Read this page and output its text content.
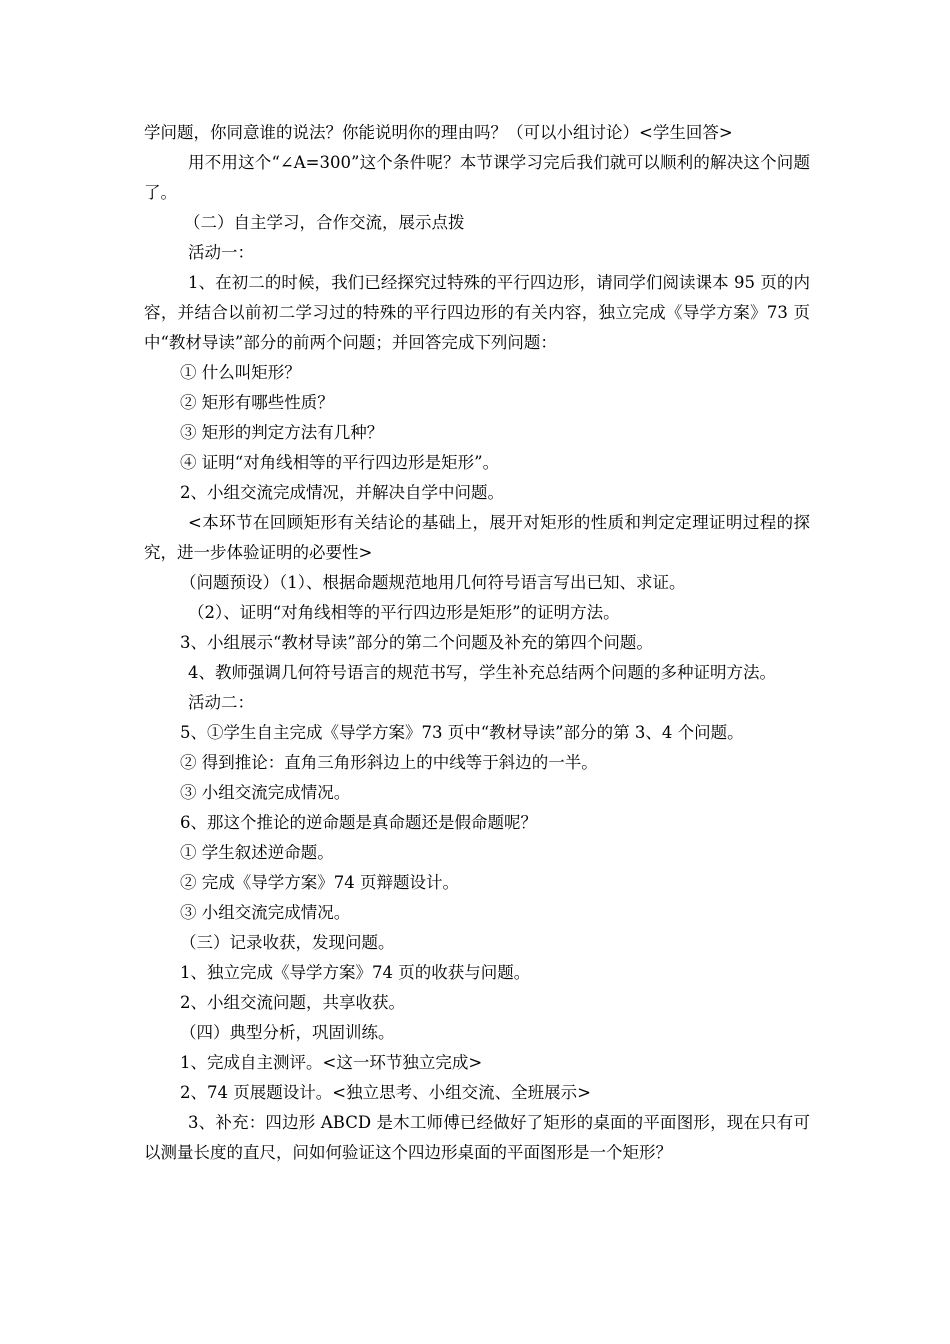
学问题，你同意谁的说法？你能说明你的理由吗？（可以小组讨论）<学生回答>

用不用这个“∠A=300”这个条件呢？本节课学习完后我们就可以顺利的解决这个问题了。

（二）自主学习，合作交流，展示点拨

活动一：

1、在初二的时候，我们已经探究过特殊的平行四边形，请同学们阅读课本 95 页的内容，并结合以前初二学习过的特殊的平行四边形的有关内容，独立完成《导学方案》73 页中“教材导读”部分的前两个问题；并回答完成下列问题：

① 什么叫矩形？

② 矩形有哪些性质？

③ 矩形的判定方法有几种？

④ 证明“对角线相等的平行四边形是矩形”。

2、小组交流完成情况，并解决自学中问题。

<本环节在回顾矩形有关结论的基础上，展开对矩形的性质和判定定理证明过程的探究，进一步体验证明的必要性>

（问题预设）（1）、根据命题规范地用几何符号语言写出已知、求证。

（2）、证明“对角线相等的平行四边形是矩形”的证明方法。

3、小组展示“教材导读”部分的第二个问题及补充的第四个问题。

4、教师强调几何符号语言的规范书写，学生补充总结两个问题的多种证明方法。

活动二：

5、①学生自主完成《导学方案》73 页中“教材导读”部分的第 3、4 个问题。

② 得到推论：直角三角形斜边上的中线等于斜边的一半。

③ 小组交流完成情况。

6、那这个推论的逆命题是真命题还是假命题呢？

① 学生叙述逆命题。

② 完成《导学方案》74 页辩题设计。

③ 小组交流完成情况。

（三）记录收获，发现问题。

1、独立完成《导学方案》74 页的收获与问题。

2、小组交流问题，共享收获。

（四）典型分析，巩固训练。

1、完成自主测评。<这一环节独立完成>

2、74 页展题设计。<独立思考、小组交流、全班展示>

3、补充：四边形 ABCD 是木工师傅已经做好了矩形的桌面的平面图形，现在只有可以测量长度的直尺，问如何验证这个四边形桌面的平面图形是一个矩形？
